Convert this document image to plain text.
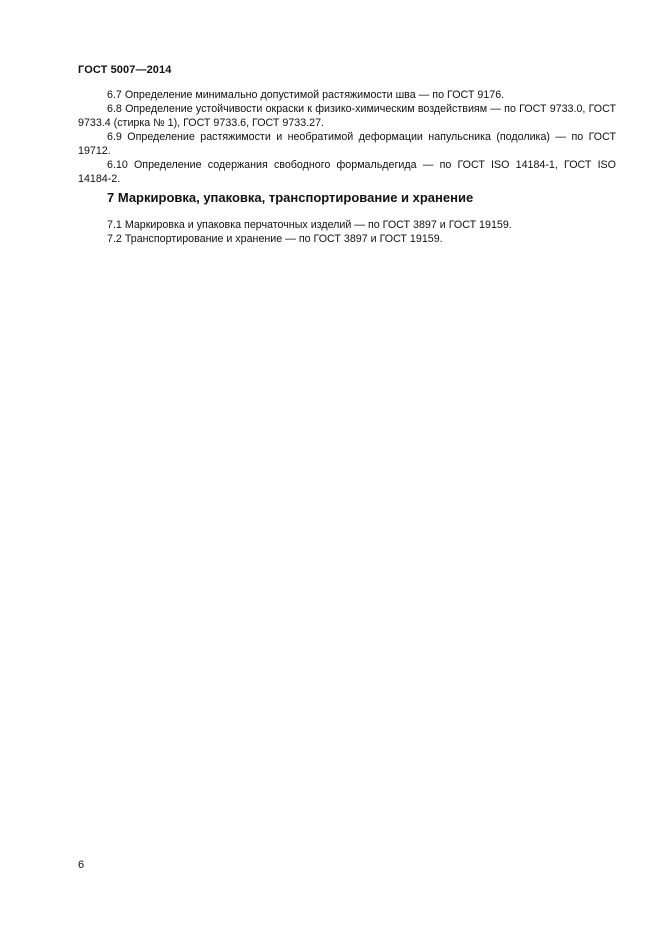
ГОСТ 5007—2014

6.7 Определение минимально допустимой растяжимости шва — по ГОСТ 9176.

6.8 Определение устойчивости окраски к физико-химическим воздействиям — по ГОСТ 9733.0, ГОСТ 9733.4 (стирка № 1), ГОСТ 9733.6, ГОСТ 9733.27.

6.9 Определение растяжимости и необратимой деформации напульсника (подолика) — по ГОСТ 19712.

6.10 Определение содержания свободного формальдегида — по ГОСТ ISO 14184-1, ГОСТ ISO 14184-2.

7 Маркировка, упаковка, транспортирование и хранение

7.1 Маркировка и упаковка перчаточных изделий — по ГОСТ 3897 и ГОСТ 19159.

7.2 Транспортирование и хранение — по ГОСТ 3897 и ГОСТ 19159.

6
